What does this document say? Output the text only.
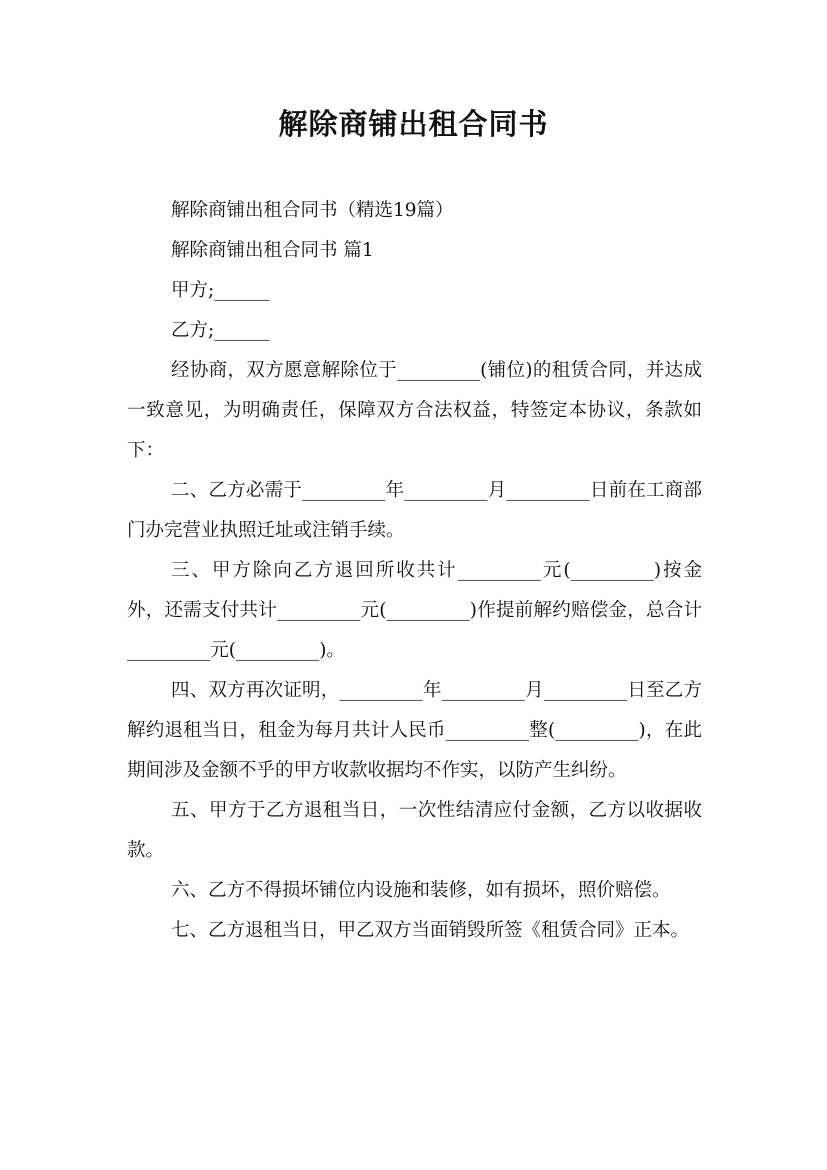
解除商铺出租合同书

解除商铺出租合同书（精选19篇）

解除商铺出租合同书 篇1

甲方;______

乙方;______

经协商，双方愿意解除位于_________(铺位)的租赁合同，并达成一致意见，为明确责任，保障双方合法权益，特签定本协议，条款如下：

二、乙方必需于_________年_________月_________日前在工商部门办完营业执照迁址或注销手续。

三、甲方除向乙方退回所收共计_________元(_________)按金外，还需支付共计_________元(_________)作提前解约赔偿金，总合计_________元(_________)。

四、双方再次证明，_________年_________月_________日至乙方解约退租当日，租金为每月共计人民币_________整(_________)，在此期间涉及金额不乎的甲方收款收据均不作实，以防产生纠纷。

五、甲方于乙方退租当日，一次性结清应付金额，乙方以收据收款。

六、乙方不得损坏铺位内设施和装修，如有损坏，照价赔偿。

七、乙方退租当日，甲乙双方当面销毁所签《租赁合同》正本。
